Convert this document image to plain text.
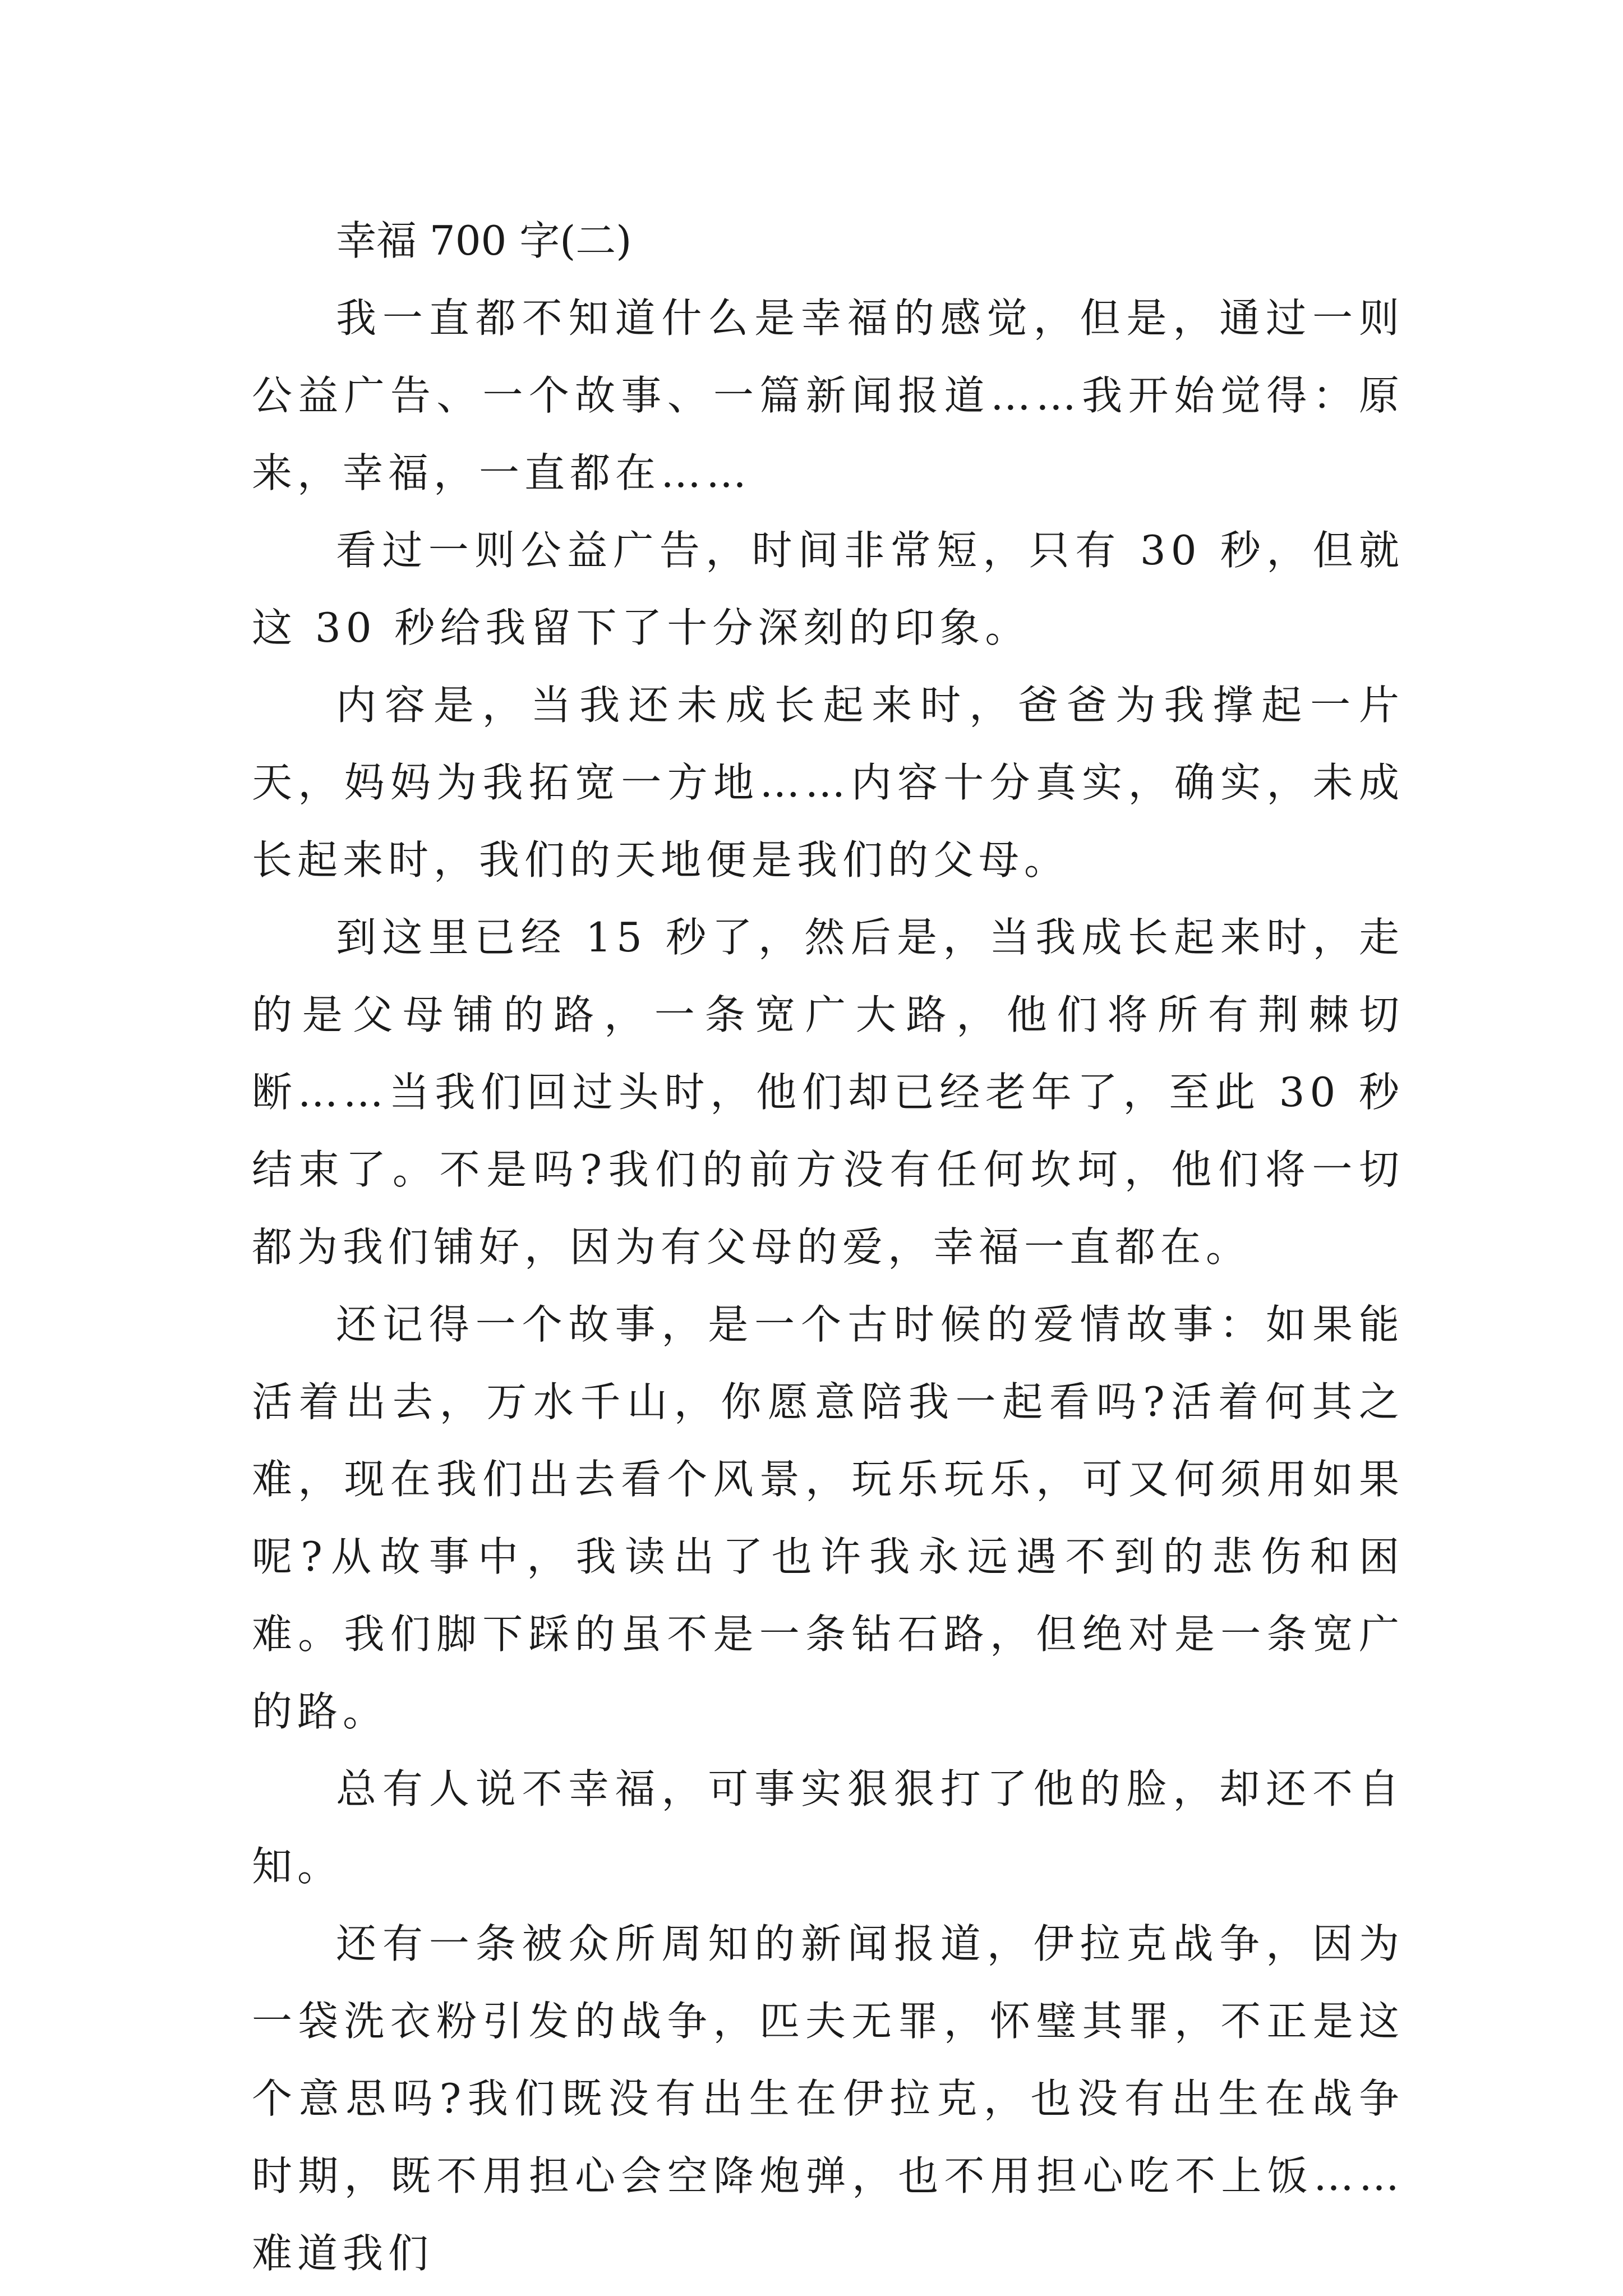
幸福 700 字(二)

我一直都不知道什么是幸福的感觉，但是，通过一则公益广告、一个故事、一篇新闻报道……我开始觉得：原来，幸福，一直都在……

看过一则公益广告，时间非常短，只有 30 秒，但就这 30 秒给我留下了十分深刻的印象。

内容是，当我还未成长起来时，爸爸为我撑起一片天，妈妈为我拓宽一方地……内容十分真实，确实，未成长起来时，我们的天地便是我们的父母。

到这里已经 15 秒了，然后是，当我成长起来时，走的是父母铺的路，一条宽广大路，他们将所有荆棘切断……当我们回过头时，他们却已经老年了，至此 30 秒结束了。不是吗?我们的前方没有任何坎坷，他们将一切都为我们铺好，因为有父母的爱，幸福一直都在。

还记得一个故事，是一个古时候的爱情故事：如果能活着出去，万水千山，你愿意陪我一起看吗?活着何其之难，现在我们出去看个风景，玩乐玩乐，可又何须用如果呢?从故事中，我读出了也许我永远遇不到的悲伤和困难。我们脚下踩的虽不是一条钻石路，但绝对是一条宽广的路。

总有人说不幸福，可事实狠狠打了他的脸，却还不自知。

还有一条被众所周知的新闻报道，伊拉克战争，因为一袋洗衣粉引发的战争，匹夫无罪，怀璧其罪，不正是这个意思吗?我们既没有出生在伊拉克，也没有出生在战争时期，既不用担心会空降炮弹，也不用担心吃不上饭……难道我们
